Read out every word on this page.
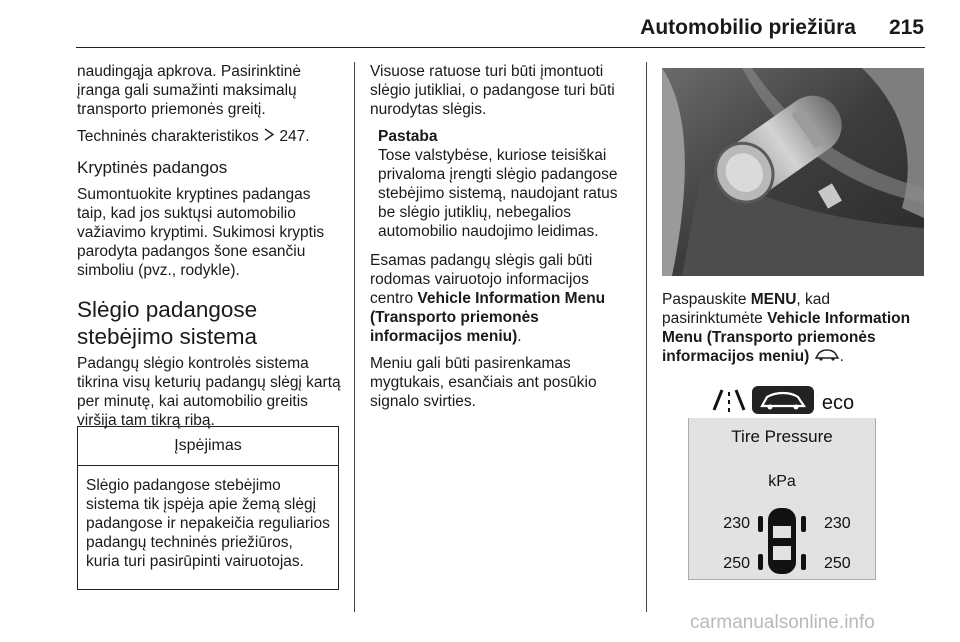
Automobilio priežiūra	215

naudingąja apkrova. Pasirinktinė įranga gali sumažinti maksimalų transporto priemonės greitį.

Techninės charakteristikos  247.

Kryptinės padangos

Sumontuokite kryptines padangas taip, kad jos suktųsi automobilio važiavimo kryptimi. Sukimosi kryptis parodyta padangos šone esančiu simboliu (pvz., rodykle).

Slėgio padangose stebėjimo sistema

Padangų slėgio kontrolės sistema tikrina visų keturių padangų slėgį kartą per minutę, kai automobilio greitis viršija tam tikrą ribą.

Įspėjimas
Slėgio padangose stebėjimo sistema tik įspėja apie žemą slėgį padangose ir nepakeičia reguliarios padangų techninės priežiūros, kuria turi pasirūpinti vairuotojas.

Visuose ratuose turi būti įmontuoti slėgio jutikliai, o padangose turi būti nurodytas slėgis.

Pastaba
Tose valstybėse, kuriose teisiškai privaloma įrengti slėgio padangose stebėjimo sistemą, naudojant ratus be slėgio jutiklių, nebegalios automobilio naudojimo leidimas.

Esamas padangų slėgis gali būti rodomas vairuotojo informacijos centro Vehicle Information Menu (Transporto priemonės informacijos meniu).

Meniu gali būti pasirenkamas mygtukais, esančiais ant posūkio signalo svirties.

Paspauskite MENU, kad pasirinktumėte Vehicle Information Menu (Transporto priemonės informacijos meniu) .

eco
Tire Pressure
kPa
230	230
250	250
carmanualsonline.info
